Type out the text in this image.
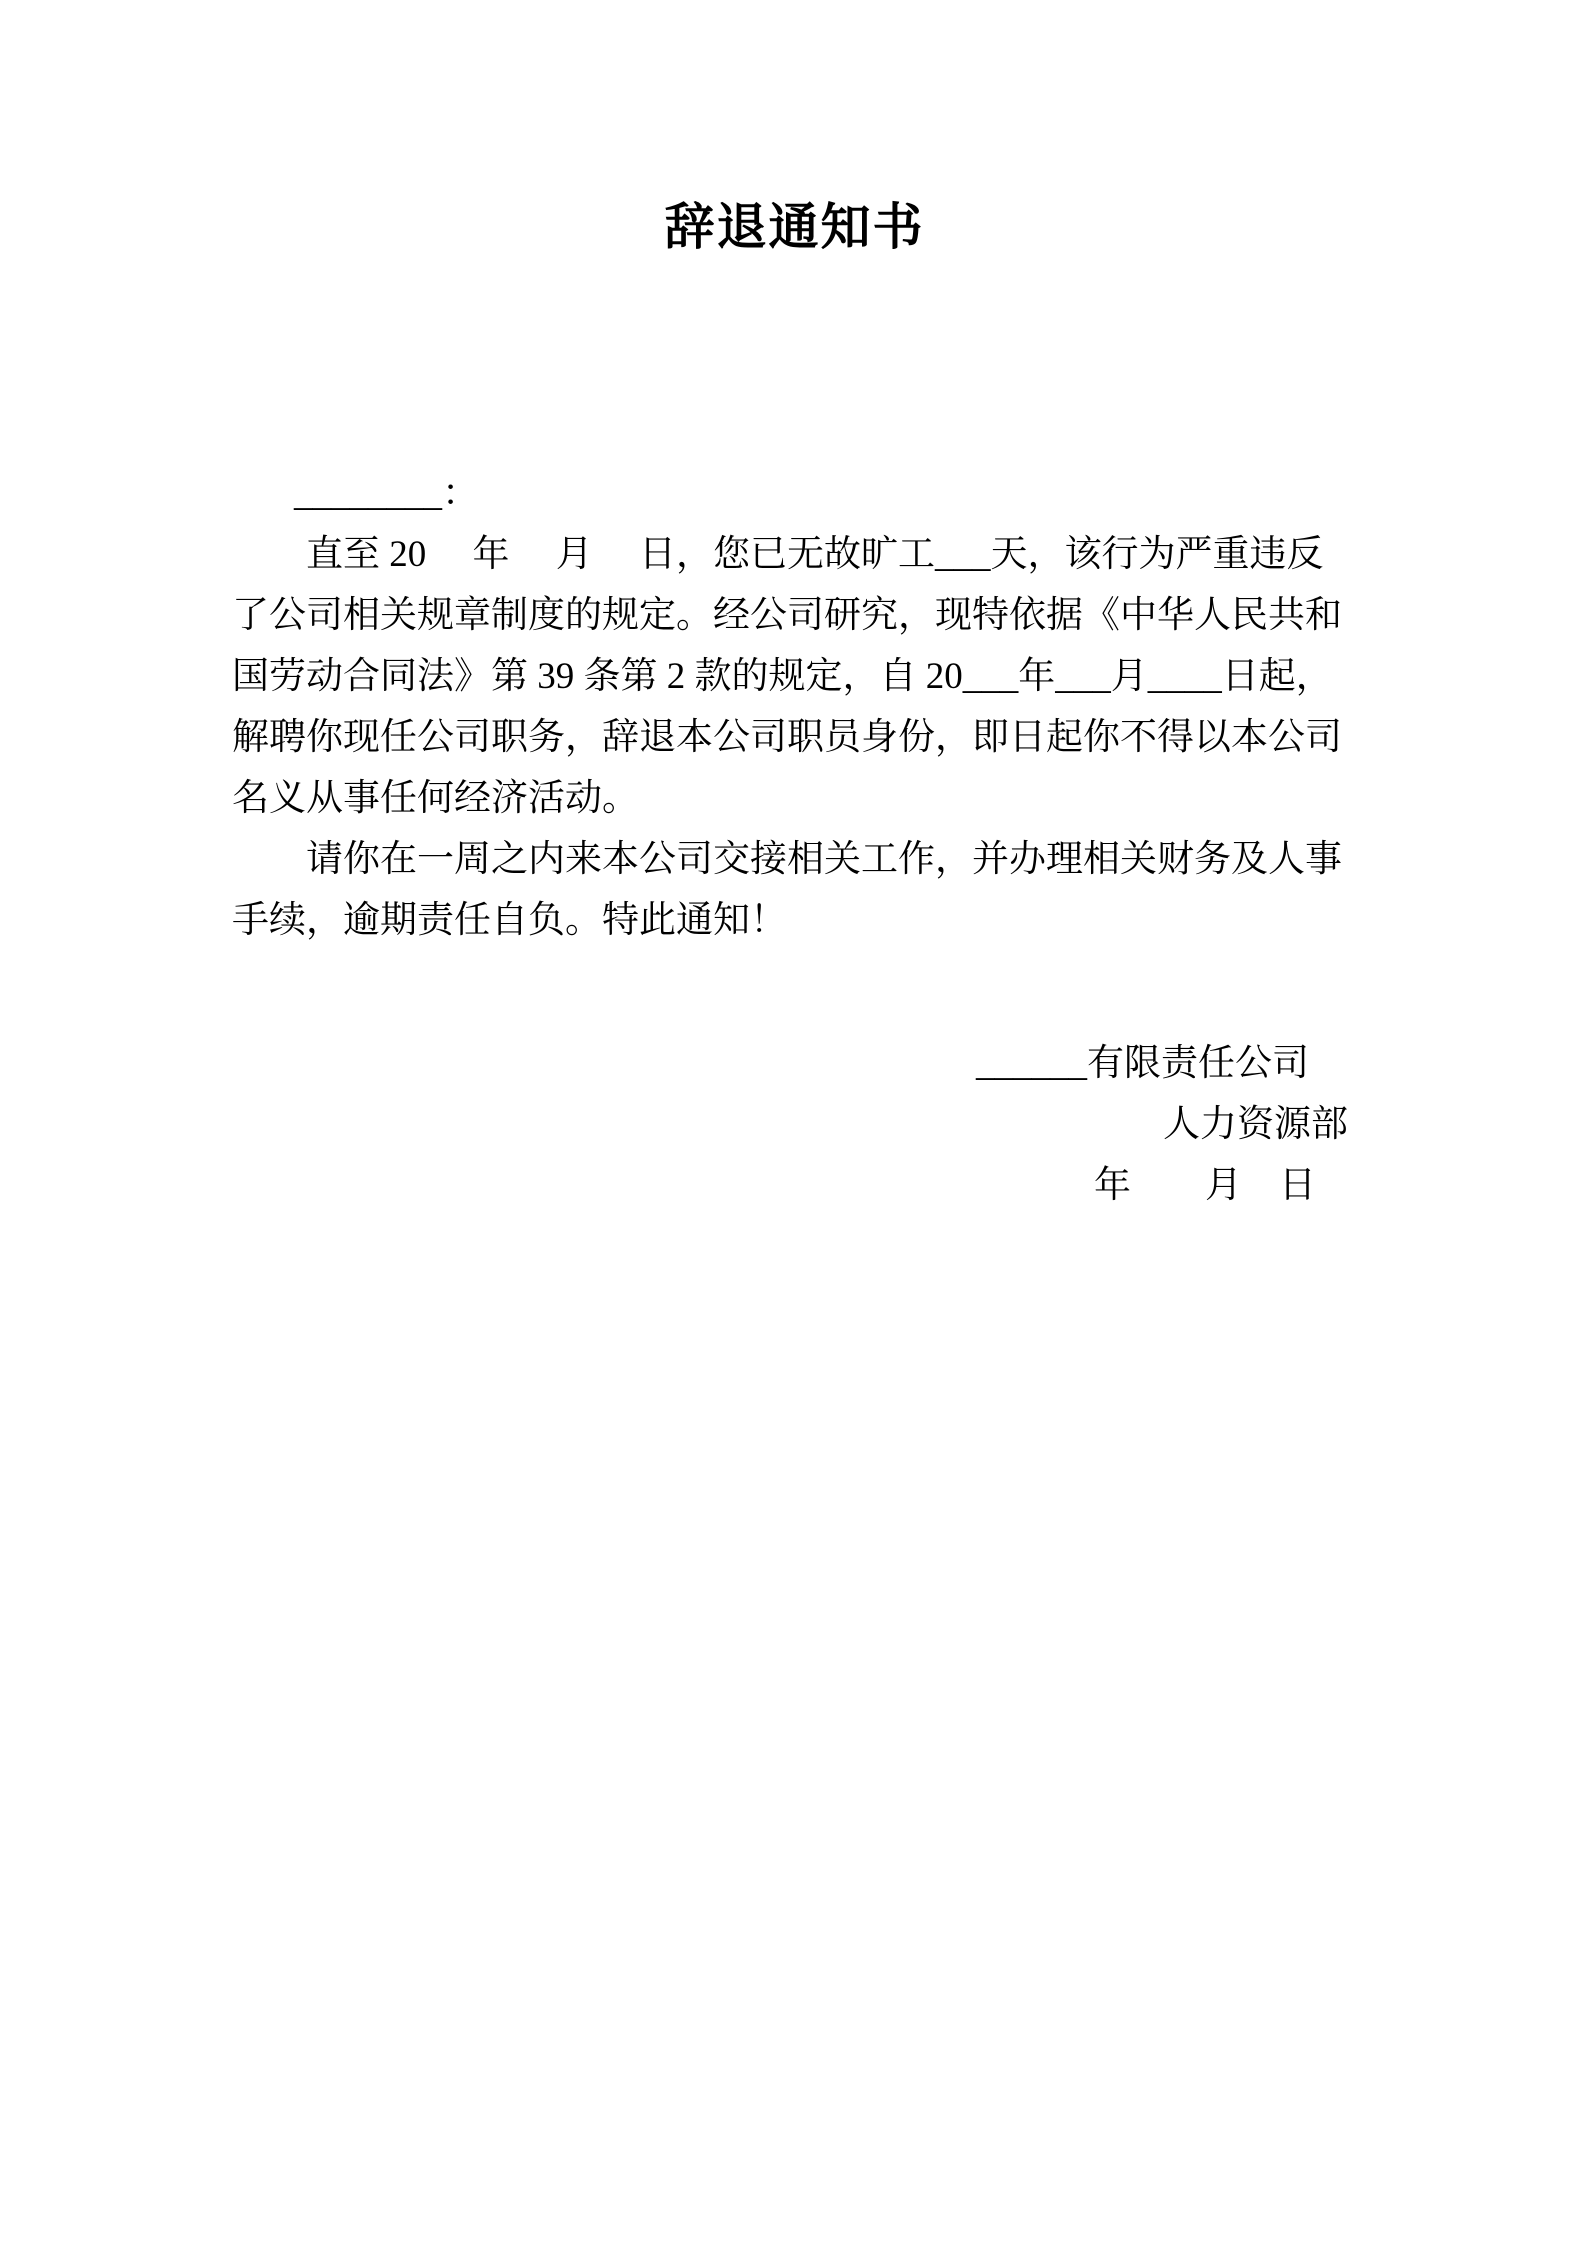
辞退通知书
________：
直至 20　 年　 月　 日，您已无故旷工___天，该行为严重违反
了公司相关规章制度的规定。经公司研究，现特依据《中华人民共和
国劳动合同法》第 39 条第 2 款的规定，自 20___年___月____日起，
解聘你现任公司职务，辞退本公司职员身份，即日起你不得以本公司
名义从事任何经济活动。
请你在一周之内来本公司交接相关工作，并办理相关财务及人事
手续，逾期责任自负。特此通知！
______有限责任公司
人力资源部
年　　月　日
